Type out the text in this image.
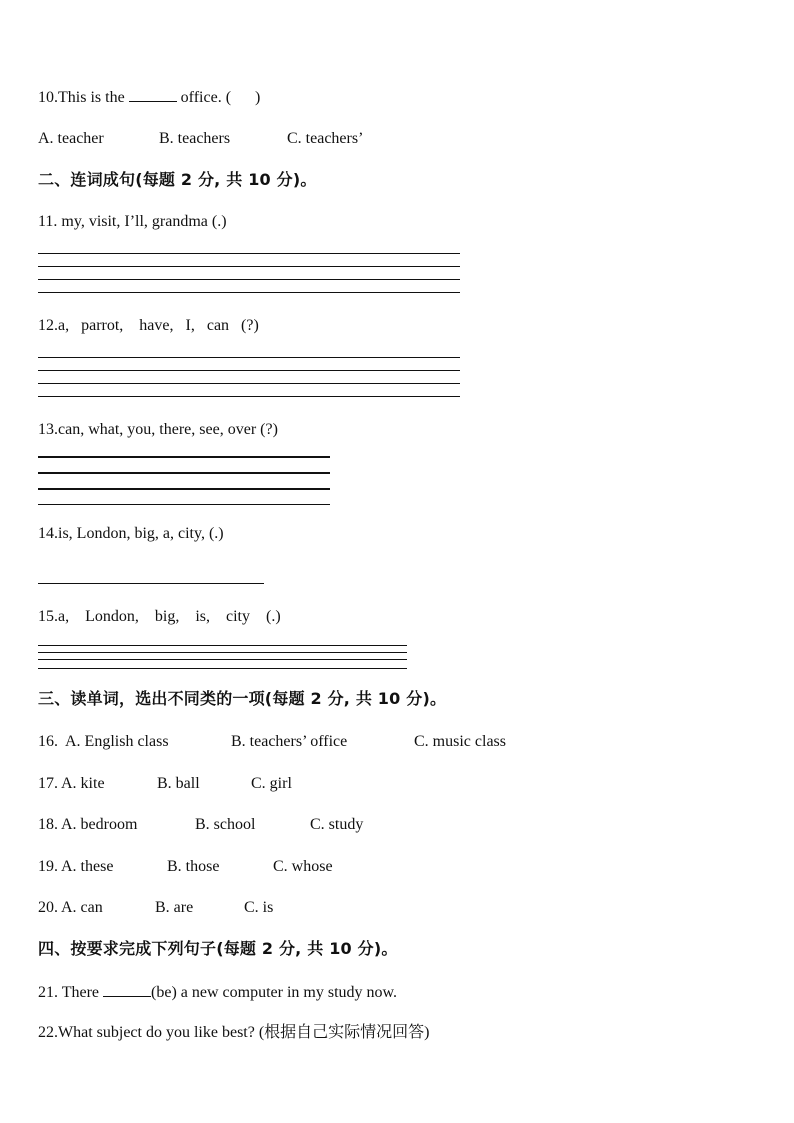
10.This is the	office. (      )
A. teacher	B. teachers	C. teachers’
二、连词成句(每题 2 分, 共 10 分)。
11. my, visit, I’ll, grandma (.)
12.a,   parrot,    have,   I,   can   (?)
13.can, what, you, there, see, over (?)
14.is, London, big, a, city, (.)
15.a,    London,    big,    is,    city    (.)
三、读单词，选出不同类的一项(每题 2 分, 共 10 分)。
16. A. English class	B. teachers’ office	C. music class
17. A. kite	B. ball	C. girl
18. A. bedroom	B. school	C. study
19. A. these	B. those	C. whose
20. A. can	B. are	C. is
四、按要求完成下列句子(每题 2 分, 共 10 分)。
21. There	(be) a new computer in my study now.
22.What subject do you like best? (根据自己实际情况回答)
